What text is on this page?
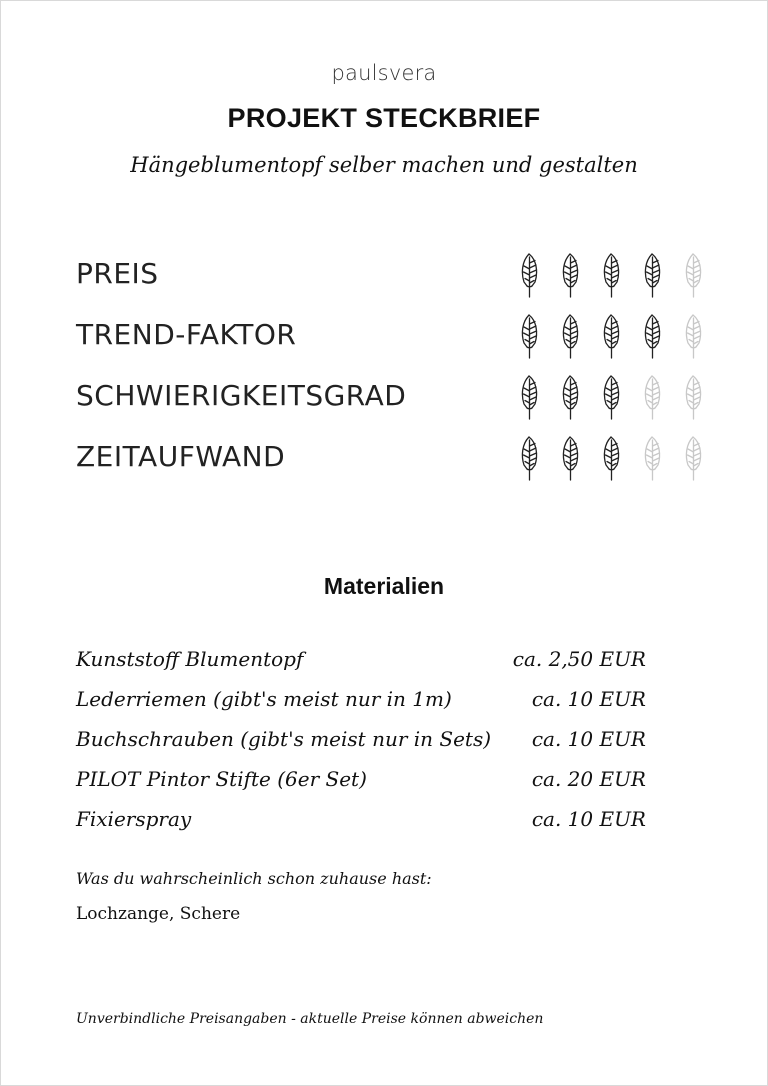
paulsvera
PROJEKT STECKBRIEF
Hängeblumentopf selber machen und gestalten
PREIS
TREND-FAKTOR
SCHWIERIGKEITSGRAD
ZEITAUFWAND
Materialien
Kunststoff Blumentopf	ca. 2,50 EUR
Lederriemen (gibt's meist nur in 1m)	ca. 10 EUR
Buchschrauben (gibt's meist nur in Sets) ca. 10 EUR
PILOT Pintor Stifte (6er Set)	ca. 20 EUR
Fixierspray	ca. 10 EUR
Was du wahrscheinlich schon zuhause hast:
Lochzange, Schere
Unverbindliche Preisangaben - aktuelle Preise können abweichen
